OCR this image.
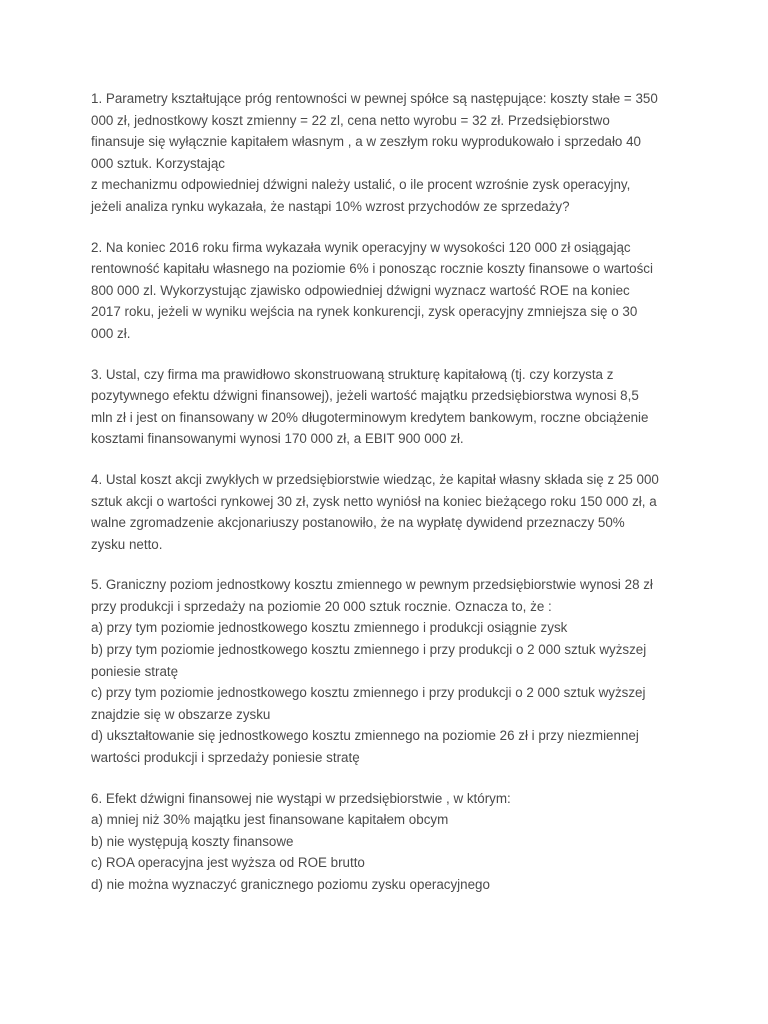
1. Parametry kształtujące próg rentowności w pewnej spółce są następujące: koszty stałe = 350
000 zł, jednostkowy koszt zmienny = 22 zl, cena netto wyrobu = 32 zł. Przedsiębiorstwo
finansuje się wyłącznie kapitałem własnym , a w zeszłym roku wyprodukowało i sprzedało 40
000 sztuk. Korzystając
z mechanizmu odpowiedniej dźwigni należy ustalić, o ile procent wzrośnie zysk operacyjny,
jeżeli analiza rynku wykazała, że nastąpi 10% wzrost przychodów ze sprzedaży?
2. Na koniec 2016 roku firma wykazała wynik operacyjny w wysokości 120 000 zł osiągając
rentowność kapitału własnego na poziomie 6% i ponosząc rocznie koszty finansowe o wartości
800 000 zl. Wykorzystując zjawisko odpowiedniej dźwigni wyznacz wartość ROE na koniec
2017 roku, jeżeli w wyniku wejścia na rynek konkurencji, zysk operacyjny zmniejsza się o 30
000 zł.
3. Ustal, czy firma ma prawidłowo skonstruowaną strukturę kapitałową (tj. czy korzysta z
pozytywnego efektu dźwigni finansowej), jeżeli wartość majątku przedsiębiorstwa wynosi 8,5
mln zł i jest on finansowany w 20% długoterminowym kredytem bankowym, roczne obciążenie
kosztami finansowanymi wynosi 170 000 zł, a EBIT 900 000 zł.
4. Ustal koszt akcji zwykłych w przedsiębiorstwie wiedząc, że kapitał własny składa się z 25 000
sztuk akcji o wartości rynkowej 30 zł, zysk netto wyniósł na koniec bieżącego roku 150 000 zł, a
walne zgromadzenie akcjonariuszy postanowiło, że na wypłatę dywidend przeznaczy 50%
zysku netto.
5. Graniczny poziom jednostkowy kosztu zmiennego w pewnym przedsiębiorstwie wynosi 28 zł
przy produkcji i sprzedaży na poziomie 20 000 sztuk rocznie. Oznacza to, że :
a) przy tym poziomie jednostkowego kosztu zmiennego i produkcji osiągnie zysk
b) przy tym poziomie jednostkowego kosztu zmiennego i przy produkcji o 2 000 sztuk wyższej
poniesie stratę
c) przy tym poziomie jednostkowego kosztu zmiennego i przy produkcji o 2 000 sztuk wyższej
znajdzie się w obszarze zysku
d) ukształtowanie się jednostkowego kosztu zmiennego na poziomie 26 zł i przy niezmiennej
wartości produkcji i sprzedaży poniesie stratę
6. Efekt dźwigni finansowej nie wystąpi w przedsiębiorstwie , w którym:
a) mniej niż 30% majątku jest finansowane kapitałem obcym
b) nie występują koszty finansowe
c) ROA operacyjna jest wyższa od ROE brutto
d) nie można wyznaczyć granicznego poziomu zysku operacyjnego
